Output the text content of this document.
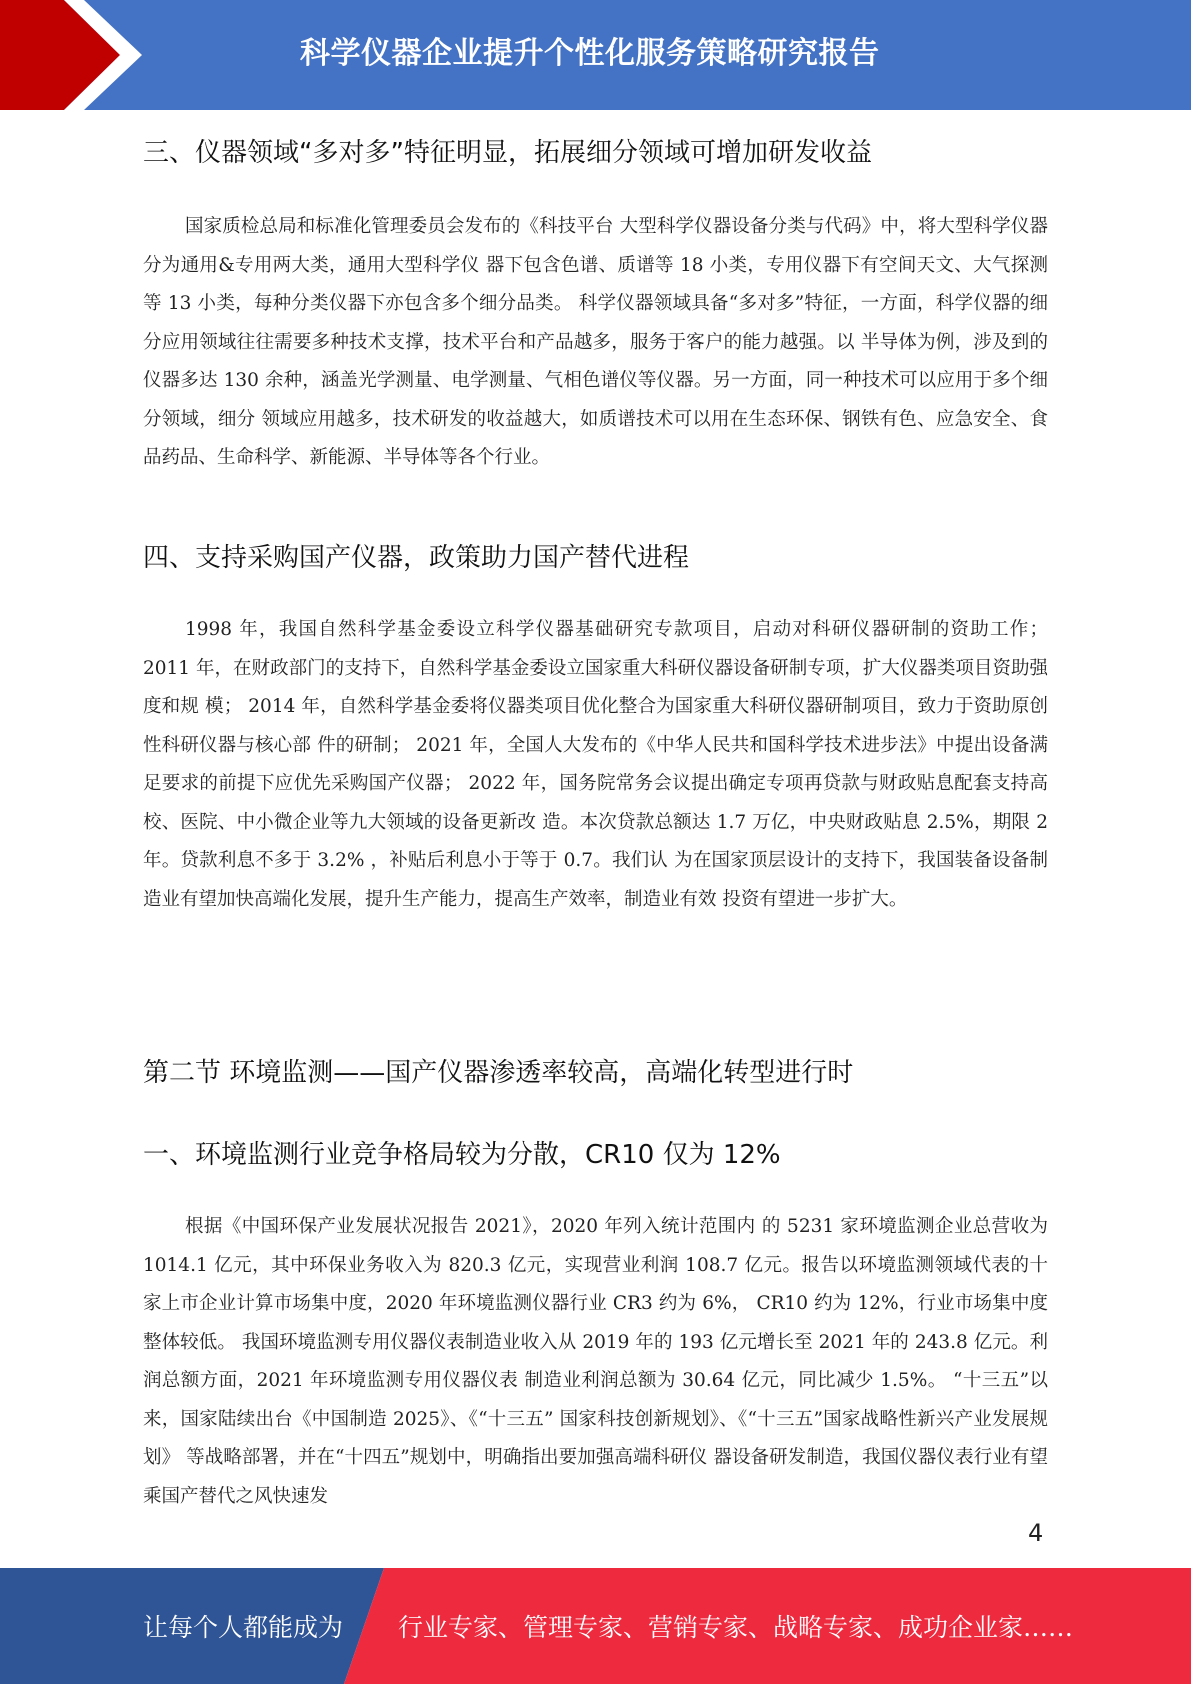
科学仪器企业提升个性化服务策略研究报告
三、仪器领域“多对多”特征明显，拓展细分领域可增加研发收益
国家质检总局和标准化管理委员会发布的《科技平台 大型科学仪器设备分类与代码》中，将大型科学仪器分为通用&专用两大类，通用大型科学仪 器下包含色谱、质谱等 18 小类，专用仪器下有空间天文、大气探测等 13 小类，每种分类仪器下亦包含多个细分品类。 科学仪器领域具备“多对多”特征，一方面，科学仪器的细分应用领域往往需要多种技术支撑，技术平台和产品越多，服务于客户的能力越强。以 半导体为例，涉及到的仪器多达 130 余种，涵盖光学测量、电学测量、气相色谱仪等仪器。另一方面，同一种技术可以应用于多个细分领域，细分 领域应用越多，技术研发的收益越大，如质谱技术可以用在生态环保、钢铁有色、应急安全、食品药品、生命科学、新能源、半导体等各个行业。
四、支持采购国产仪器，政策助力国产替代进程
1998 年，我国自然科学基金委设立科学仪器基础研究专款项目，启动对科研仪器研制的资助工作； 2011 年，在财政部门的支持下，自然科学基金委设立国家重大科研仪器设备研制专项，扩大仪器类项目资助强度和规 模； 2014 年，自然科学基金委将仪器类项目优化整合为国家重大科研仪器研制项目，致力于资助原创性科研仪器与核心部 件的研制； 2021 年，全国人大发布的《中华人民共和国科学技术进步法》中提出设备满足要求的前提下应优先采购国产仪器； 2022 年，国务院常务会议提出确定专项再贷款与财政贴息配套支持高校、医院、中小微企业等九大领域的设备更新改 造。本次贷款总额达 1.7 万亿，中央财政贴息 2.5%，期限 2 年。贷款利息不多于 3.2% ，补贴后利息小于等于 0.7。我们认 为在国家顶层设计的支持下，我国装备设备制造业有望加快高端化发展，提升生产能力，提高生产效率，制造业有效 投资有望进一步扩大。
第二节 环境监测——国产仪器渗透率较高，高端化转型进行时
一、环境监测行业竞争格局较为分散，CR10 仅为 12%
根据《中国环保产业发展状况报告 2021》，2020 年列入统计范围内 的 5231 家环境监测企业总营收为 1014.1 亿元，其中环保业务收入为 820.3 亿元，实现营业利润 108.7 亿元。报告以环境监测领域代表的十 家上市企业计算市场集中度，2020 年环境监测仪器行业 CR3 约为 6%， CR10 约为 12%，行业市场集中度整体较低。 我国环境监测专用仪器仪表制造业收入从 2019 年的 193 亿元增长至 2021 年的 243.8 亿元。利润总额方面，2021 年环境监测专用仪器仪表 制造业利润总额为 30.64 亿元，同比减少 1.5%。 “十三五”以来，国家陆续出台《中国制造 2025》、《“十三五” 国家科技创新规划》、《“十三五”国家战略性新兴产业发展规划》 等战略部署，并在“十四五”规划中，明确指出要加强高端科研仪 器设备研发制造，我国仪器仪表行业有望乘国产替代之风快速发
4
让每个人都能成为 行业专家、管理专家、营销专家、战略专家、成功企业家……
